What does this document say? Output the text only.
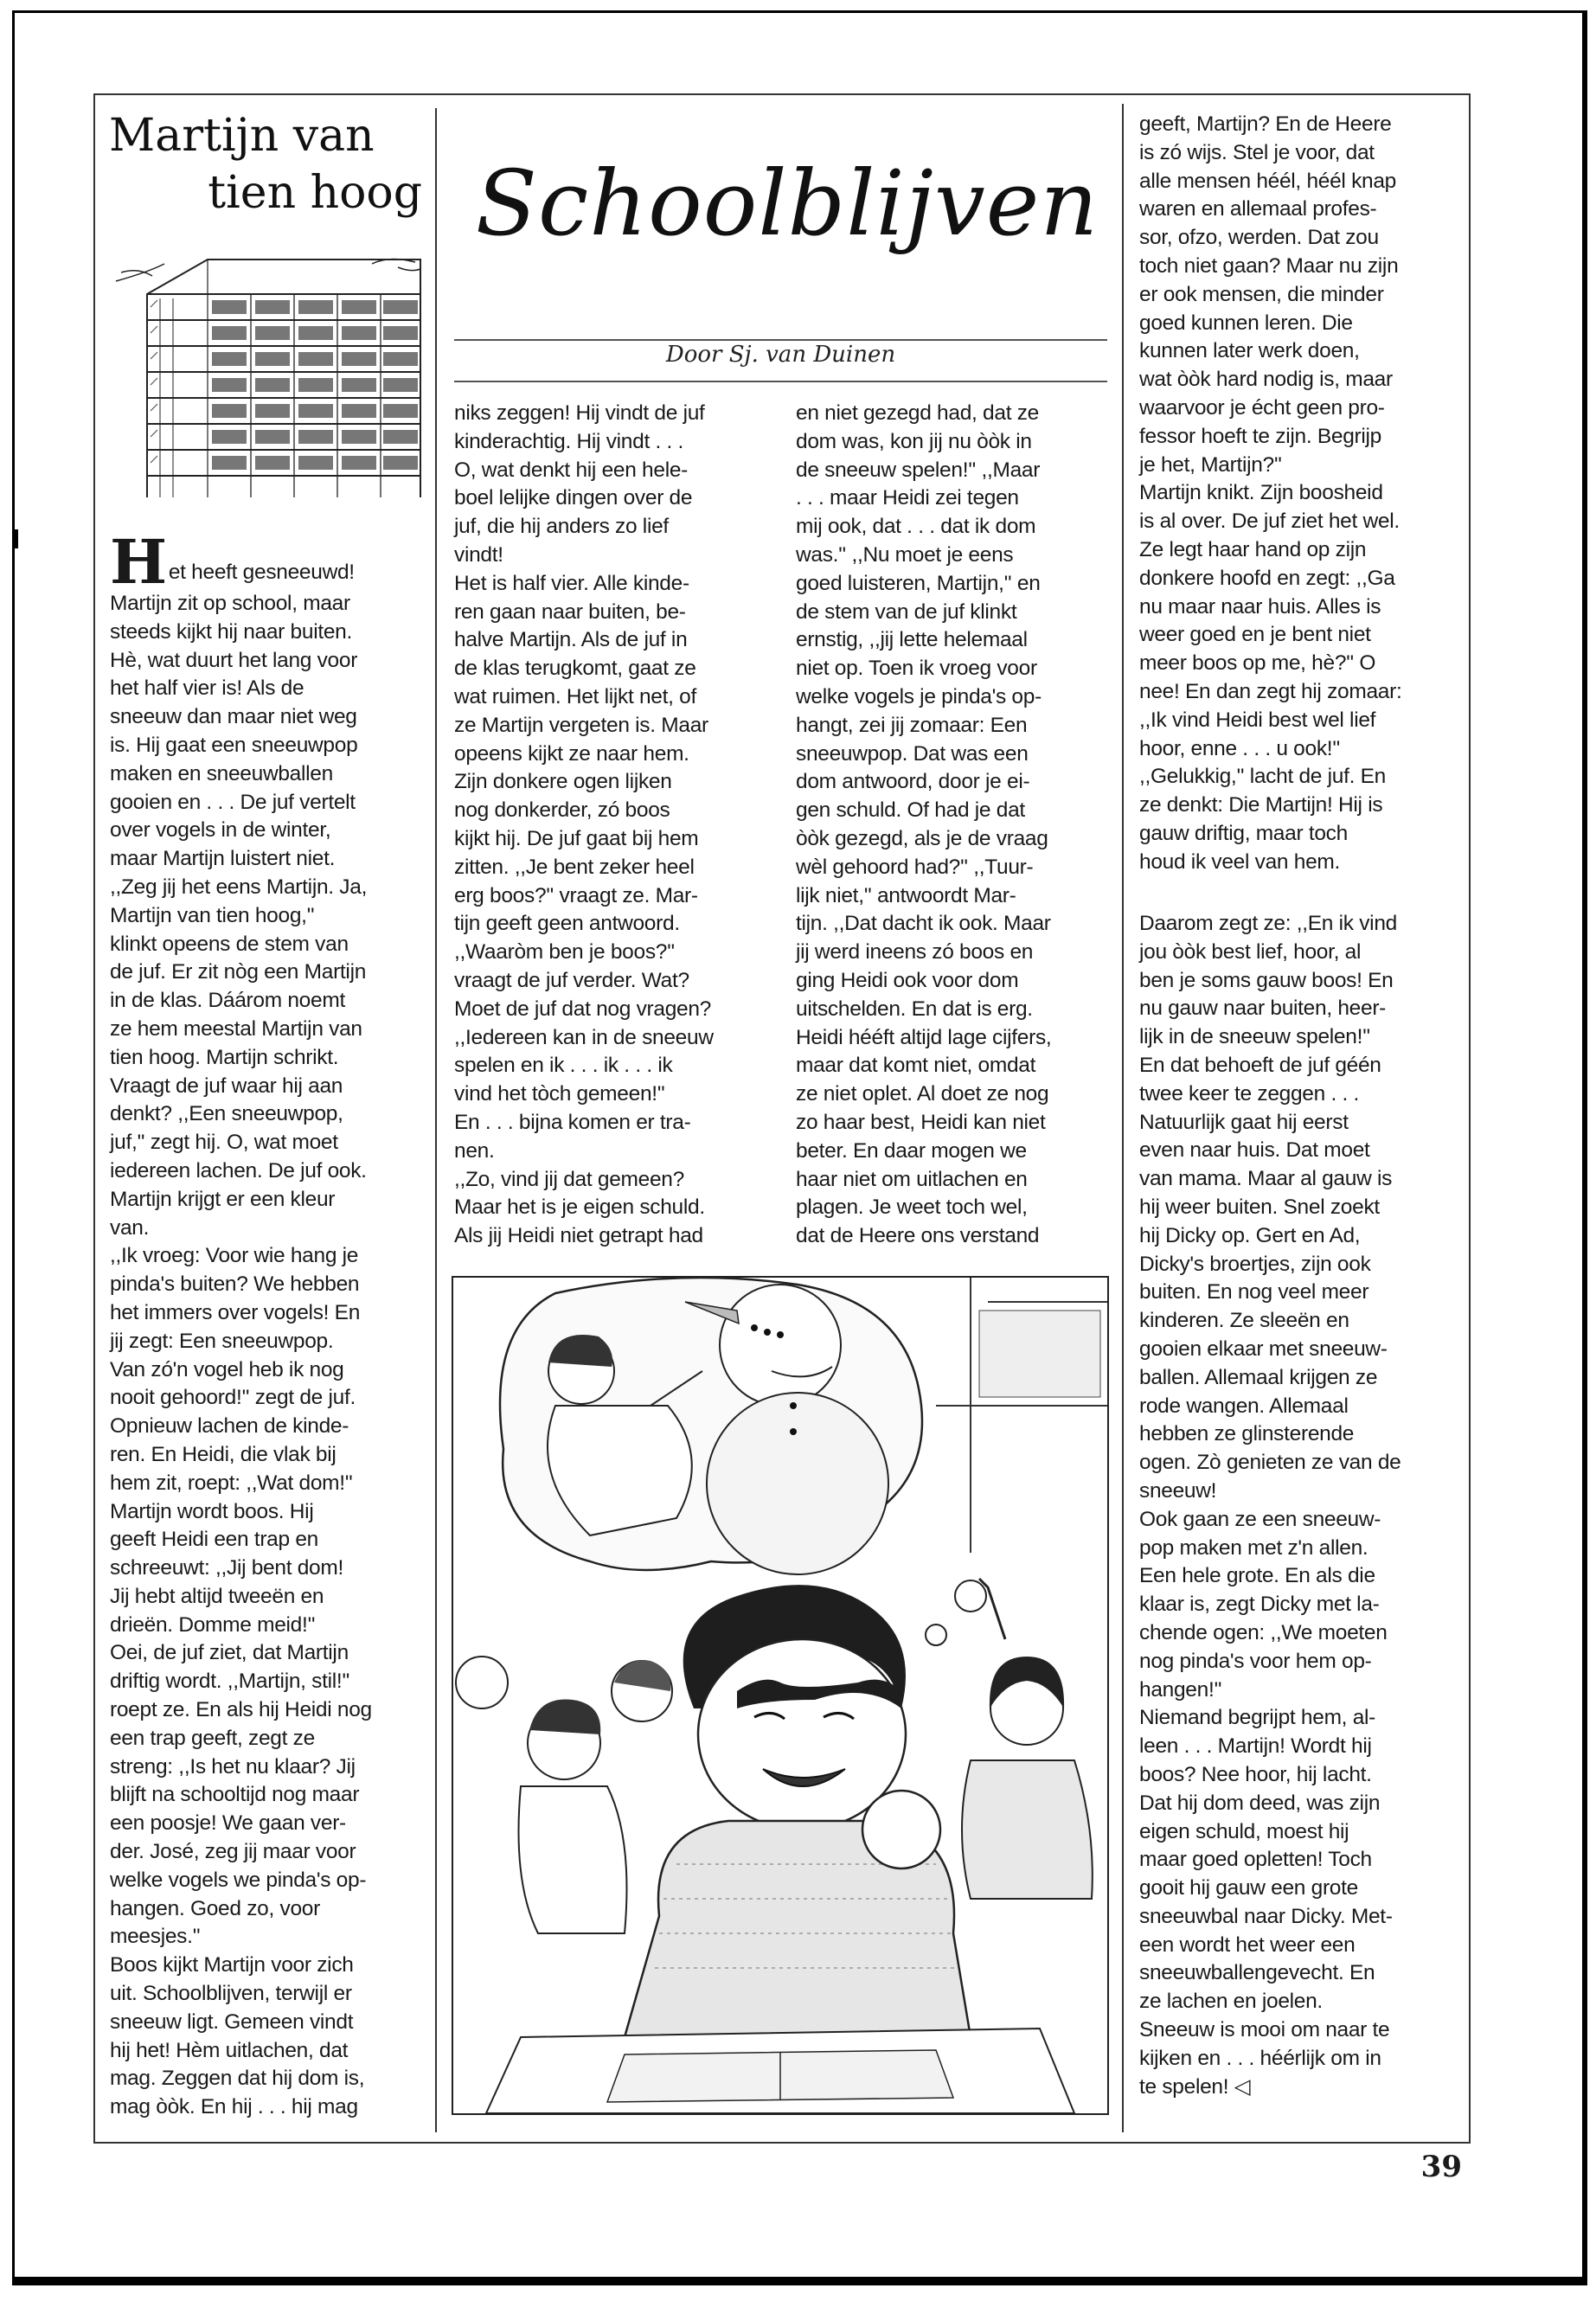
Martijn van
tien hoog Schoolblijven
Door Sj. van Duinen
H et heeft gesneeuwd!
Martijn zit op school, maar
steeds kijkt hij naar buiten.
Hè, wat duurt het lang voor
het half vier is! Als de
sneeuw dan maar niet weg
is. Hij gaat een sneeuwpop
maken en sneeuwballen
gooien en . . . De juf vertelt
over vogels in de winter,
maar Martijn luistert niet.
,,Zeg jij het eens Martijn. Ja,
Martijn van tien hoog,''
klinkt opeens de stem van
de juf. Er zit nòg een Martijn
in de klas. Dáárom noemt
ze hem meestal Martijn van
tien hoog. Martijn schrikt.
Vraagt de juf waar hij aan
denkt? ,,Een sneeuwpop,
juf,'' zegt hij. O, wat moet
iedereen lachen. De juf ook.
Martijn krijgt er een kleur
van.
,,Ik vroeg: Voor wie hang je
pinda's buiten? We hebben
het immers over vogels! En
jij zegt: Een sneeuwpop.
Van zó'n vogel heb ik nog
nooit gehoord!'' zegt de juf.
Opnieuw lachen de kinde-
ren. En Heidi, die vlak bij
hem zit, roept: ,,Wat dom!''
Martijn wordt boos. Hij
geeft Heidi een trap en
schreeuwt: ,,Jij bent dom!
Jij hebt altijd tweeën en
drieën. Domme meid!''
Oei, de juf ziet, dat Martijn
driftig wordt. ,,Martijn, stil!''
roept ze. En als hij Heidi nog
een trap geeft, zegt ze
streng: ,,Is het nu klaar? Jij
blijft na schooltijd nog maar
een poosje! We gaan ver-
der. José, zeg jij maar voor
welke vogels we pinda's op-
hangen. Goed zo, voor
meesjes.''
Boos kijkt Martijn voor zich
uit. Schoolblijven, terwijl er
sneeuw ligt. Gemeen vindt
hij het! Hèm uitlachen, dat
mag. Zeggen dat hij dom is,
mag òòk. En hij . . . hij mag
niks zeggen! Hij vindt de juf
kinderachtig. Hij vindt . . .
O, wat denkt hij een hele-
boel lelijke dingen over de
juf, die hij anders zo lief
vindt!
Het is half vier. Alle kinde-
ren gaan naar buiten, be-
halve Martijn. Als de juf in
de klas terugkomt, gaat ze
wat ruimen. Het lijkt net, of
ze Martijn vergeten is. Maar
opeens kijkt ze naar hem.
Zijn donkere ogen lijken
nog donkerder, zó boos
kijkt hij. De juf gaat bij hem
zitten. ,,Je bent zeker heel
erg boos?'' vraagt ze. Mar-
tijn geeft geen antwoord.
,,Waaròm ben je boos?''
vraagt de juf verder. Wat?
Moet de juf dat nog vragen?
,,Iedereen kan in de sneeuw
spelen en ik . . . ik . . . ik
vind het tòch gemeen!''
En . . . bijna komen er tra-
nen.
,,Zo, vind jij dat gemeen?
Maar het is je eigen schuld.
Als jij Heidi niet getrapt had
en niet gezegd had, dat ze
dom was, kon jij nu òòk in
de sneeuw spelen!'' ,,Maar
. . . maar Heidi zei tegen
mij ook, dat . . . dat ik dom
was.'' ,,Nu moet je eens
goed luisteren, Martijn,'' en
de stem van de juf klinkt
ernstig, ,,jij lette helemaal
niet op. Toen ik vroeg voor
welke vogels je pinda's op-
hangt, zei jij zomaar: Een
sneeuwpop. Dat was een
dom antwoord, door je ei-
gen schuld. Of had je dat
òòk gezegd, als je de vraag
wèl gehoord had?'' ,,Tuur-
lijk niet,'' antwoordt Mar-
tijn. ,,Dat dacht ik ook. Maar
jij werd ineens zó boos en
ging Heidi ook voor dom
uitschelden. En dat is erg.
Heidi hééft altijd lage cijfers,
maar dat komt niet, omdat
ze niet oplet. Al doet ze nog
zo haar best, Heidi kan niet
beter. En daar mogen we
haar niet om uitlachen en
plagen. Je weet toch wel,
dat de Heere ons verstand
geeft, Martijn? En de Heere
is zó wijs. Stel je voor, dat
alle mensen héél, héél knap
waren en allemaal profes-
sor, ofzo, werden. Dat zou
toch niet gaan? Maar nu zijn
er ook mensen, die minder
goed kunnen leren. Die
kunnen later werk doen,
wat òòk hard nodig is, maar
waarvoor je écht geen pro-
fessor hoeft te zijn. Begrijp
je het, Martijn?''
Martijn knikt. Zijn boosheid
is al over. De juf ziet het wel.
Ze legt haar hand op zijn
donkere hoofd en zegt: ,,Ga
nu maar naar huis. Alles is
weer goed en je bent niet
meer boos op me, hè?'' O
nee! En dan zegt hij zomaar:
,,Ik vind Heidi best wel lief
hoor, enne . . . u ook!''
,,Gelukkig,'' lacht de juf. En
ze denkt: Die Martijn! Hij is
gauw driftig, maar toch
houd ik veel van hem.
Daarom zegt ze: ,,En ik vind
jou òòk best lief, hoor, al
ben je soms gauw boos! En
nu gauw naar buiten, heer-
lijk in de sneeuw spelen!''
En dat behoeft de juf géén
twee keer te zeggen . . .
Natuurlijk gaat hij eerst
even naar huis. Dat moet
van mama. Maar al gauw is
hij weer buiten. Snel zoekt
hij Dicky op. Gert en Ad,
Dicky's broertjes, zijn ook
buiten. En nog veel meer
kinderen. Ze sleeën en
gooien elkaar met sneeuw-
ballen. Allemaal krijgen ze
rode wangen. Allemaal
hebben ze glinsterende
ogen. Zò genieten ze van de
sneeuw!
Ook gaan ze een sneeuw-
pop maken met z'n allen.
Een hele grote. En als die
klaar is, zegt Dicky met la-
chende ogen: ,,We moeten
nog pinda's voor hem op-
hangen!''
Niemand begrijpt hem, al-
leen . . . Martijn! Wordt hij
boos? Nee hoor, hij lacht.
Dat hij dom deed, was zijn
eigen schuld, moest hij
maar goed opletten! Toch
gooit hij gauw een grote
sneeuwbal naar Dicky. Met-
een wordt het weer een
sneeuwballengevecht. En
ze lachen en joelen.
Sneeuw is mooi om naar te
kijken en . . . héérlijk om in
te spelen! ◁
39
